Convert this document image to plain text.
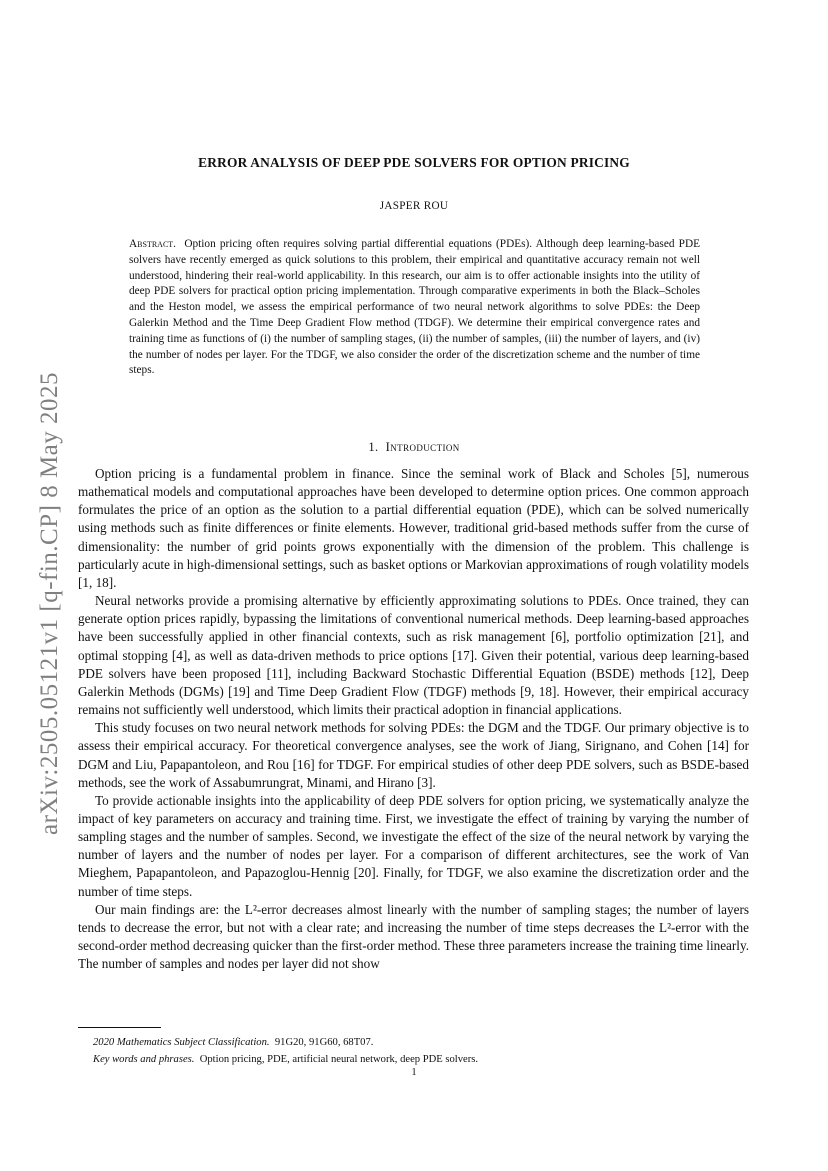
arXiv:2505.05121v1 [q-fin.CP] 8 May 2025
ERROR ANALYSIS OF DEEP PDE SOLVERS FOR OPTION PRICING
JASPER ROU

Abstract. Option pricing often requires solving partial differential equations (PDEs). Although deep learning-based PDE solvers have recently emerged as quick solutions to this problem, their empirical and quantitative accuracy remain not well understood, hindering their real-world applicability. In this research, our aim is to offer actionable insights into the utility of deep PDE solvers for practical option pricing implementation. Through comparative experiments in both the Black–Scholes and the Heston model, we assess the empirical performance of two neural network algorithms to solve PDEs: the Deep Galerkin Method and the Time Deep Gradient Flow method (TDGF). We determine their empirical convergence rates and training time as functions of (i) the number of sampling stages, (ii) the number of samples, (iii) the number of layers, and (iv) the number of nodes per layer. For the TDGF, we also consider the order of the discretization scheme and the number of time steps.

1. Introduction

Option pricing is a fundamental problem in finance. Since the seminal work of Black and Scholes [5], numerous mathematical models and computational approaches have been developed to determine option prices. One common approach formulates the price of an option as the solution to a partial differential equation (PDE), which can be solved numerically using methods such as finite differences or finite elements. However, traditional grid-based methods suffer from the curse of dimensionality: the number of grid points grows exponentially with the dimension of the problem. This challenge is particularly acute in high-dimensional settings, such as basket options or Markovian approximations of rough volatility models [1, 18].

Neural networks provide a promising alternative by efficiently approximating solutions to PDEs. Once trained, they can generate option prices rapidly, bypassing the limitations of conventional numerical methods. Deep learning-based approaches have been successfully applied in other financial contexts, such as risk management [6], portfolio optimization [21], and optimal stopping [4], as well as data-driven methods to price options [17]. Given their potential, various deep learning-based PDE solvers have been proposed [11], including Backward Stochastic Differential Equation (BSDE) methods [12], Deep Galerkin Methods (DGMs) [19] and Time Deep Gradient Flow (TDGF) methods [9, 18]. However, their empirical accuracy remains not sufficiently well understood, which limits their practical adoption in financial applications.

This study focuses on two neural network methods for solving PDEs: the DGM and the TDGF. Our primary objective is to assess their empirical accuracy. For theoretical convergence analyses, see the work of Jiang, Sirignano, and Cohen [14] for DGM and Liu, Papapantoleon, and Rou [16] for TDGF. For empirical studies of other deep PDE solvers, such as BSDE-based methods, see the work of Assabumrungrat, Minami, and Hirano [3].

To provide actionable insights into the applicability of deep PDE solvers for option pricing, we systematically analyze the impact of key parameters on accuracy and training time. First, we investigate the effect of training by varying the number of sampling stages and the number of samples. Second, we investigate the effect of the size of the neural network by varying the number of layers and the number of nodes per layer. For a comparison of different architectures, see the work of Van Mieghem, Papapantoleon, and Papazoglou-Hennig [20]. Finally, for TDGF, we also examine the discretization order and the number of time steps.

Our main findings are: the L²-error decreases almost linearly with the number of sampling stages; the number of layers tends to decrease the error, but not with a clear rate; and increasing the number of time steps decreases the L²-error with the second-order method decreasing quicker than the first-order method. These three parameters increase the training time linearly. The number of samples and nodes per layer did not show

2020 Mathematics Subject Classification. 91G20, 91G60, 68T07.
Key words and phrases. Option pricing, PDE, artificial neural network, deep PDE solvers.
1
